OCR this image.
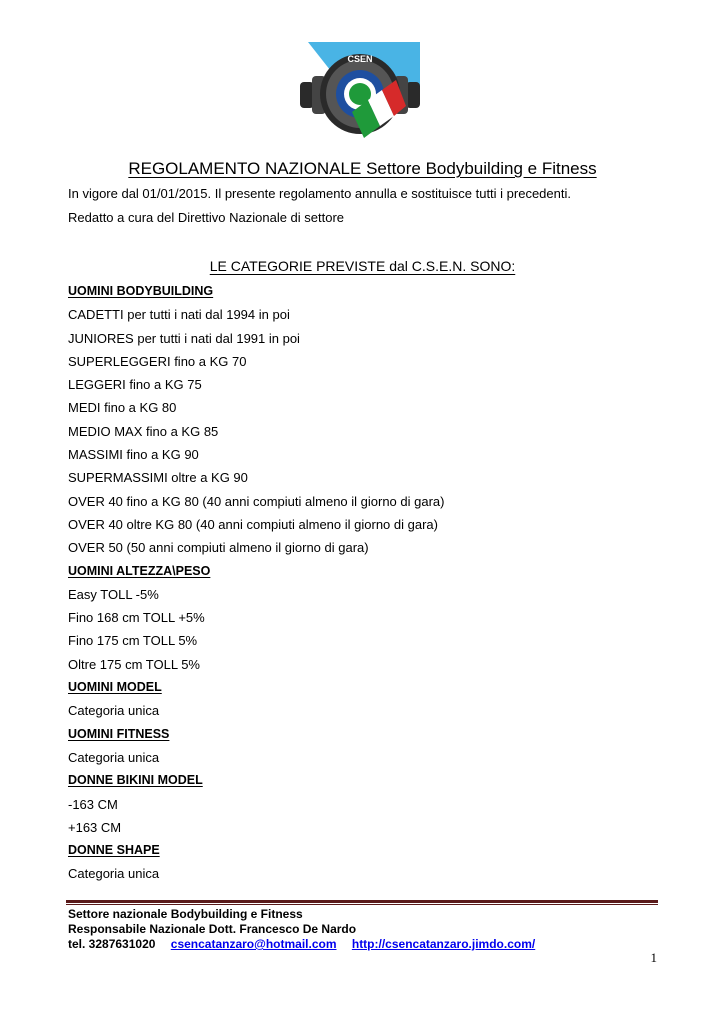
CSEN
REGOLAMENTO NAZIONALE Settore Bodybuilding e Fitness
In vigore dal 01/01/2015. Il presente regolamento annulla e sostituisce tutti i precedenti.
Redatto a cura del Direttivo Nazionale di settore
LE CATEGORIE PREVISTE dal C.S.E.N. SONO:
UOMINI BODYBUILDING
CADETTI per tutti i nati dal 1994 in poi
JUNIORES per tutti i nati dal 1991 in poi
SUPERLEGGERI fino a KG 70
LEGGERI fino a KG 75
MEDI fino a KG 80
MEDIO MAX fino a KG 85
MASSIMI fino a KG 90
SUPERMASSIMI oltre a KG 90
OVER 40 fino a KG 80 (40 anni compiuti almeno il giorno di gara)
OVER 40 oltre KG 80 (40 anni compiuti almeno il giorno di gara)
OVER 50 (50 anni compiuti almeno il giorno di gara)
UOMINI ALTEZZA\PESO
Easy TOLL -5%
Fino 168 cm TOLL +5%
Fino 175 cm TOLL 5%
Oltre 175 cm TOLL 5%
UOMINI MODEL
Categoria unica
UOMINI FITNESS
Categoria unica
DONNE BIKINI MODEL
-163 CM
+163 CM
DONNE SHAPE
Categoria unica
Settore nazionale Bodybuilding e Fitness
Responsabile Nazionale Dott. Francesco De Nardo
tel. 3287631020 csencatanzaro@hotmail.com http://csencatanzaro.jimdo.com/
1
